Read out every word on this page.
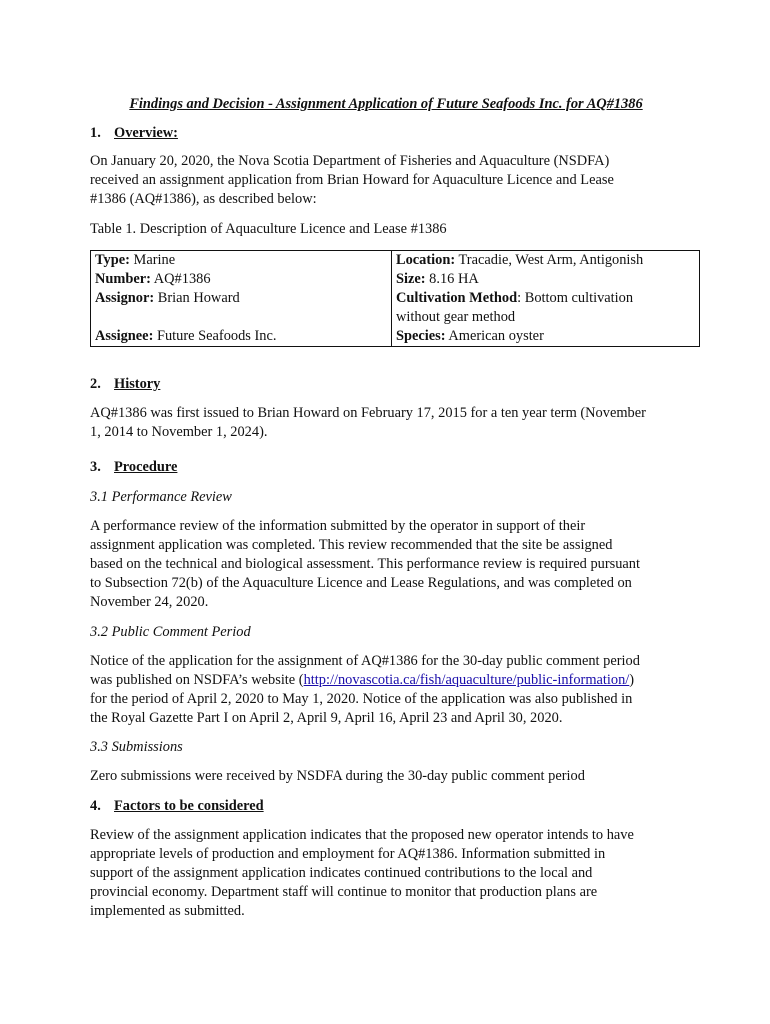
Findings and Decision - Assignment Application of Future Seafoods Inc. for AQ#1386
1. Overview:
On January 20, 2020, the Nova Scotia Department of Fisheries and Aquaculture (NSDFA)
received an assignment application from Brian Howard for Aquaculture Licence and Lease
#1386 (AQ#1386), as described below:
Table 1. Description of Aquaculture Licence and Lease #1386
Type: Marine	Location: Tracadie, West Arm, Antigonish
Number: AQ#1386	Size: 8.16 HA
Assignor: Brian Howard	Cultivation Method: Bottom cultivation
without gear method
Assignee: Future Seafoods Inc.	Species: American oyster
2. History
AQ#1386 was first issued to Brian Howard on February 17, 2015 for a ten year term (November
1, 2014 to November 1, 2024).
3. Procedure
3.1 Performance Review
A performance review of the information submitted by the operator in support of their
assignment application was completed. This review recommended that the site be assigned
based on the technical and biological assessment. This performance review is required pursuant
to Subsection 72(b) of the Aquaculture Licence and Lease Regulations, and was completed on
November 24, 2020.
3.2 Public Comment Period
Notice of the application for the assignment of AQ#1386 for the 30-day public comment period
was published on NSDFA’s website (http://novascotia.ca/fish/aquaculture/public-information/)
for the period of April 2, 2020 to May 1, 2020. Notice of the application was also published in
the Royal Gazette Part I on April 2, April 9, April 16, April 23 and April 30, 2020.
3.3 Submissions
Zero submissions were received by NSDFA during the 30-day public comment period
4. Factors to be considered
Review of the assignment application indicates that the proposed new operator intends to have
appropriate levels of production and employment for AQ#1386. Information submitted in
support of the assignment application indicates continued contributions to the local and
provincial economy. Department staff will continue to monitor that production plans are
implemented as submitted.
